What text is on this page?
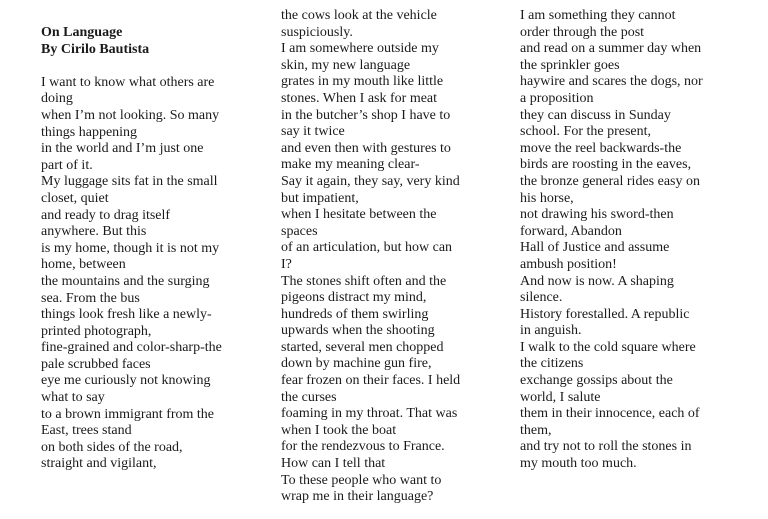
On Language
By Cirilo Bautista
I want to know what others are
doing
when I’m not looking. So many
things happening
in the world and I’m just one
part of it.
My luggage sits fat in the small
closet, quiet
and ready to drag itself
anywhere. But this
is my home, though it is not my
home, between
the mountains and the surging
sea. From the bus
things look fresh like a newly-
printed photograph,
fine-grained and color-sharp-the
pale scrubbed faces
eye me curiously not knowing
what to say
to a brown immigrant from the
East, trees stand
on both sides of the road,
straight and vigilant,
the cows look at the vehicle
suspiciously.
I am somewhere outside my
skin, my new language
grates in my mouth like little
stones. When I ask for meat
in the butcher’s shop I have to
say it twice
and even then with gestures to
make my meaning clear-
Say it again, they say, very kind
but impatient,
when I hesitate between the
spaces
of an articulation, but how can
I?
The stones shift often and the
pigeons distract my mind,
hundreds of them swirling
upwards when the shooting
started, several men chopped
down by machine gun fire,
fear frozen on their faces. I held
the curses
foaming in my throat. That was
when I took the boat
for the rendezvous to France.
How can I tell that
To these people who want to
wrap me in their language?
I am something they cannot
order through the post
and read on a summer day when
the sprinkler goes
haywire and scares the dogs, nor
a proposition
they can discuss in Sunday
school. For the present,
move the reel backwards-the
birds are roosting in the eaves,
the bronze general rides easy on
his horse,
not drawing his sword-then
forward, Abandon
Hall of Justice and assume
ambush position!
And now is now. A shaping
silence.
History forestalled. A republic
in anguish.
I walk to the cold square where
the citizens
exchange gossips about the
world, I salute
them in their innocence, each of
them,
and try not to roll the stones in
my mouth too much.
